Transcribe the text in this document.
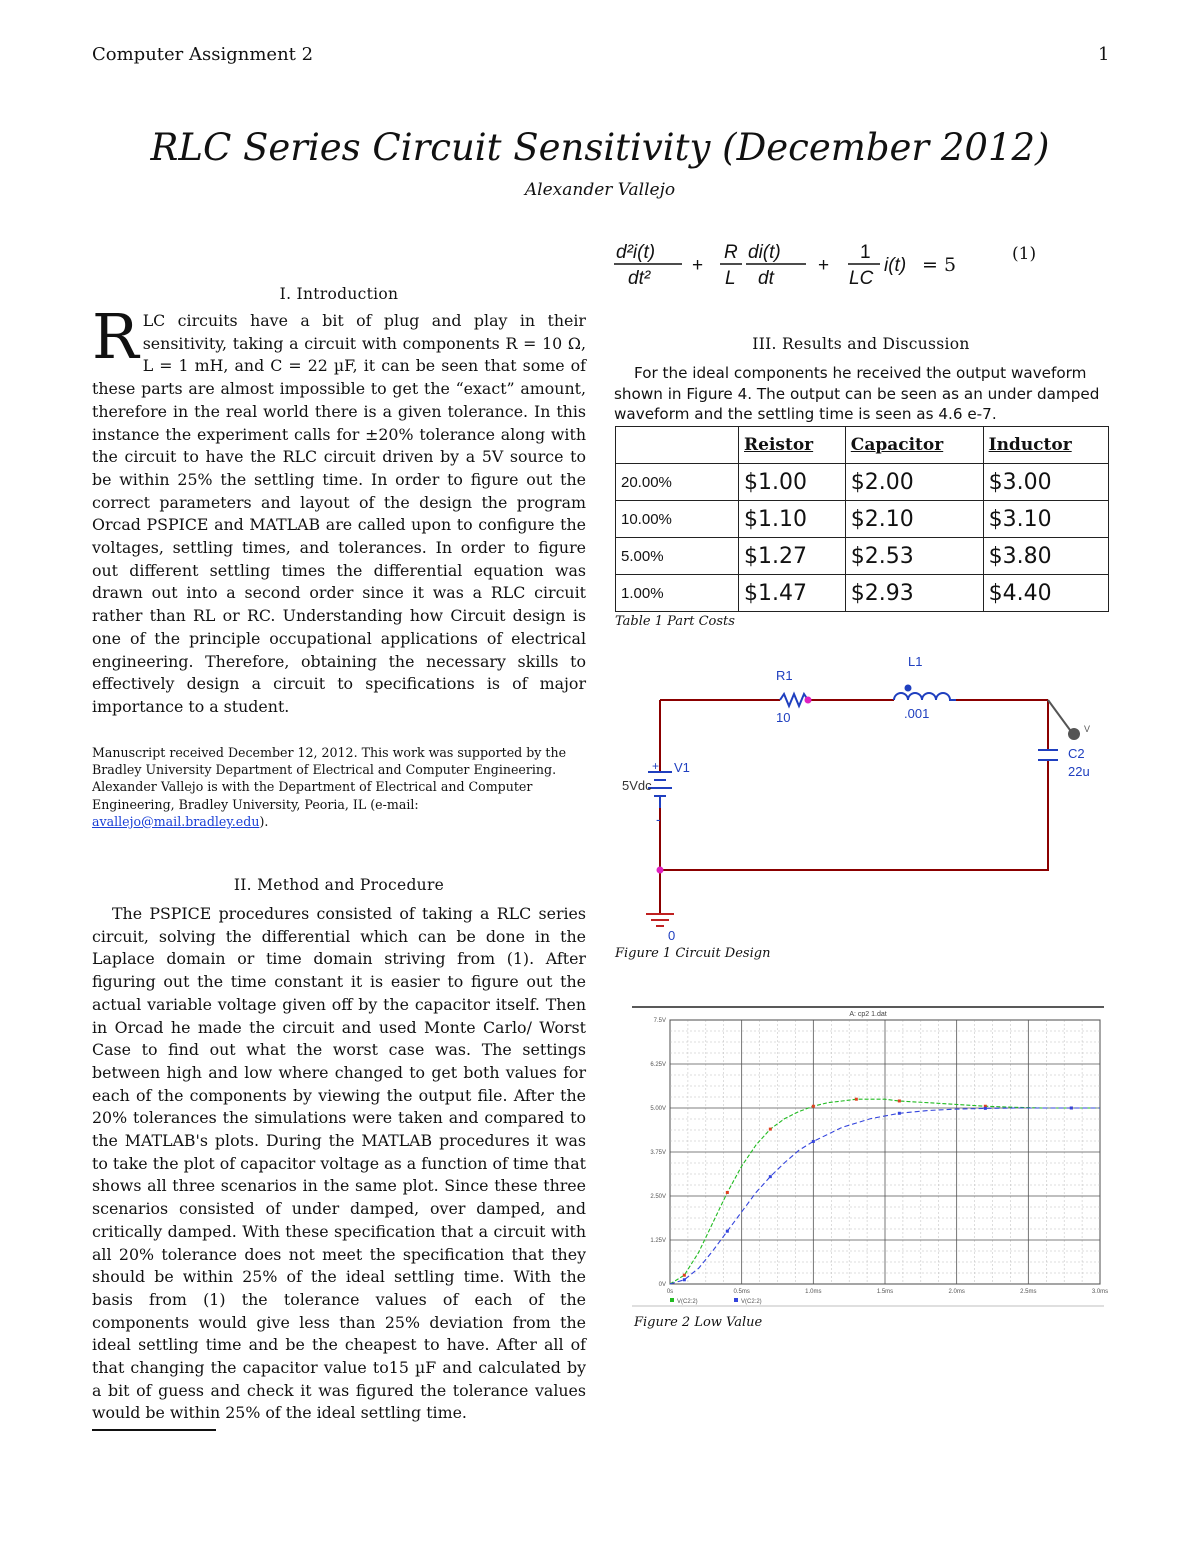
Computer Assignment 2	1
RLC Series Circuit Sensitivity (December 2012)
Alexander Vallejo
I. Introduction
RLC circuits have a bit of plug and play in their sensitivity, taking a circuit with components R = 10 Ω, L = 1 mH, and C = 22 µF, it can be seen that some of these parts are almost impossible to get the “exact” amount, therefore in the real world there is a given tolerance. In this instance the experiment calls for ±20% tolerance along with the circuit to have the RLC circuit driven by a 5V source to be within 25% the settling time. In order to figure out the correct parameters and layout of the design the program Orcad PSPICE and MATLAB are called upon to configure the voltages, settling times, and tolerances. In order to figure out different settling times the differential equation was drawn out into a second order since it was a RLC circuit rather than RL or RC. Understanding how Circuit design is one of the principle occupational applications of electrical engineering. Therefore, obtaining the necessary skills to effectively design a circuit to specifications is of major importance to a student.
Manuscript received December 12, 2012. This work was supported by the Bradley University Department of Electrical and Computer Engineering. Alexander Vallejo is with the Department of Electrical and Computer Engineering, Bradley University, Peoria, IL (e-mail: avallejo@mail.bradley.edu).
II. Method and Procedure
The PSPICE procedures consisted of taking a RLC series circuit, solving the differential which can be done in the Laplace domain or time domain striving from (1). After figuring out the time constant it is easier to figure out the actual variable voltage given off by the capacitor itself. Then in Orcad he made the circuit and used Monte Carlo/ Worst Case to find out what the worst case was. The settings between high and low where changed to get both values for each of the components by viewing the output file. After the 20% tolerances the simulations were taken and compared to the MATLAB's plots. During the MATLAB procedures it was to take the plot of capacitor voltage as a function of time that shows all three scenarios in the same plot. Since these three scenarios consisted of under damped, over damped, and critically damped. With these specification that a circuit with all 20% tolerance does not meet the specification that they should be within 25% of the ideal settling time. With the basis from (1) the tolerance values of each of the components would give less than 25% deviation from the ideal settling time and be the cheapest to have. After all of that changing the capacitor value to15 µF and calculated by a bit of guess and check it was figured the tolerance values would be within 25% of the ideal settling time.
d²i(t)
dt²
+
R
L
di(t)
dt
+
1
LC
i(t) = 5	(1)
III. Results and Discussion
For the ideal components he received the output waveform shown in Figure 4. The output can be seen as an under damped waveform and the settling time is seen as 4.6 e-7.
	Reistor	Capacitor	Inductor
20.00%	$1.00	$2.00	$3.00
10.00%	$1.10	$2.10	$3.10
5.00%	$1.27	$2.53	$3.80
1.00%	$1.47	$2.93	$4.40
Table 1 Part Costs
R1
10
L1
.001
C2
22u
V1
0
+
-
5Vdc
V
Figure 1 Circuit Design
A: cp2 1.dat
0s	0.5ms	1.0ms	1.5ms	2.0ms	2.5ms	3.0ms
0V
1.25V
2.50V
3.75V
5.00V
6.25V
7.5V
V(C2:2)	V(C2:2)
Figure 2 Low Value
